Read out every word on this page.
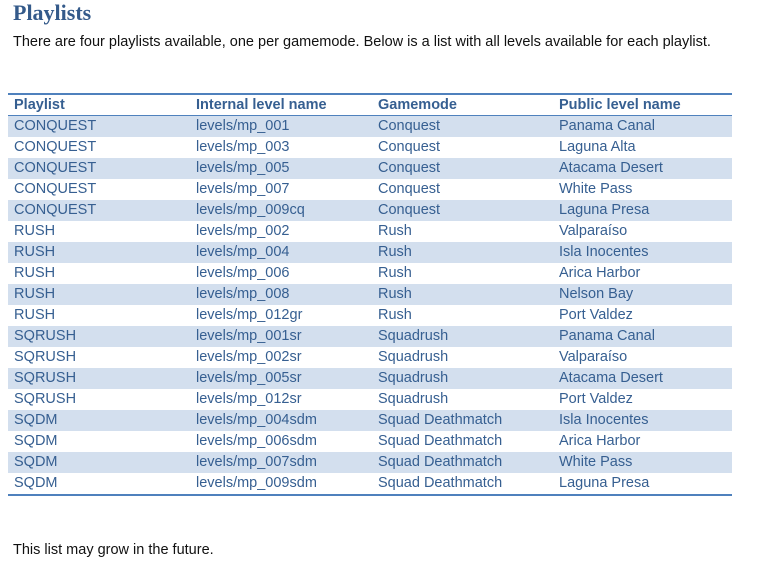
Playlists
There are four playlists available, one per gamemode. Below is a list with all levels available for each playlist.
Playlist	Internal level name	Gamemode	Public level name
CONQUEST	levels/mp_001	Conquest	Panama Canal
CONQUEST	levels/mp_003	Conquest	Laguna Alta
CONQUEST	levels/mp_005	Conquest	Atacama Desert
CONQUEST	levels/mp_007	Conquest	White Pass
CONQUEST	levels/mp_009cq	Conquest	Laguna Presa
RUSH	levels/mp_002	Rush	Valparaíso
RUSH	levels/mp_004	Rush	Isla Inocentes
RUSH	levels/mp_006	Rush	Arica Harbor
RUSH	levels/mp_008	Rush	Nelson Bay
RUSH	levels/mp_012gr	Rush	Port Valdez
SQRUSH	levels/mp_001sr	Squadrush	Panama Canal
SQRUSH	levels/mp_002sr	Squadrush	Valparaíso
SQRUSH	levels/mp_005sr	Squadrush	Atacama Desert
SQRUSH	levels/mp_012sr	Squadrush	Port Valdez
SQDM	levels/mp_004sdm	Squad Deathmatch	Isla Inocentes
SQDM	levels/mp_006sdm	Squad Deathmatch	Arica Harbor
SQDM	levels/mp_007sdm	Squad Deathmatch	White Pass
SQDM	levels/mp_009sdm	Squad Deathmatch	Laguna Presa
This list may grow in the future.
